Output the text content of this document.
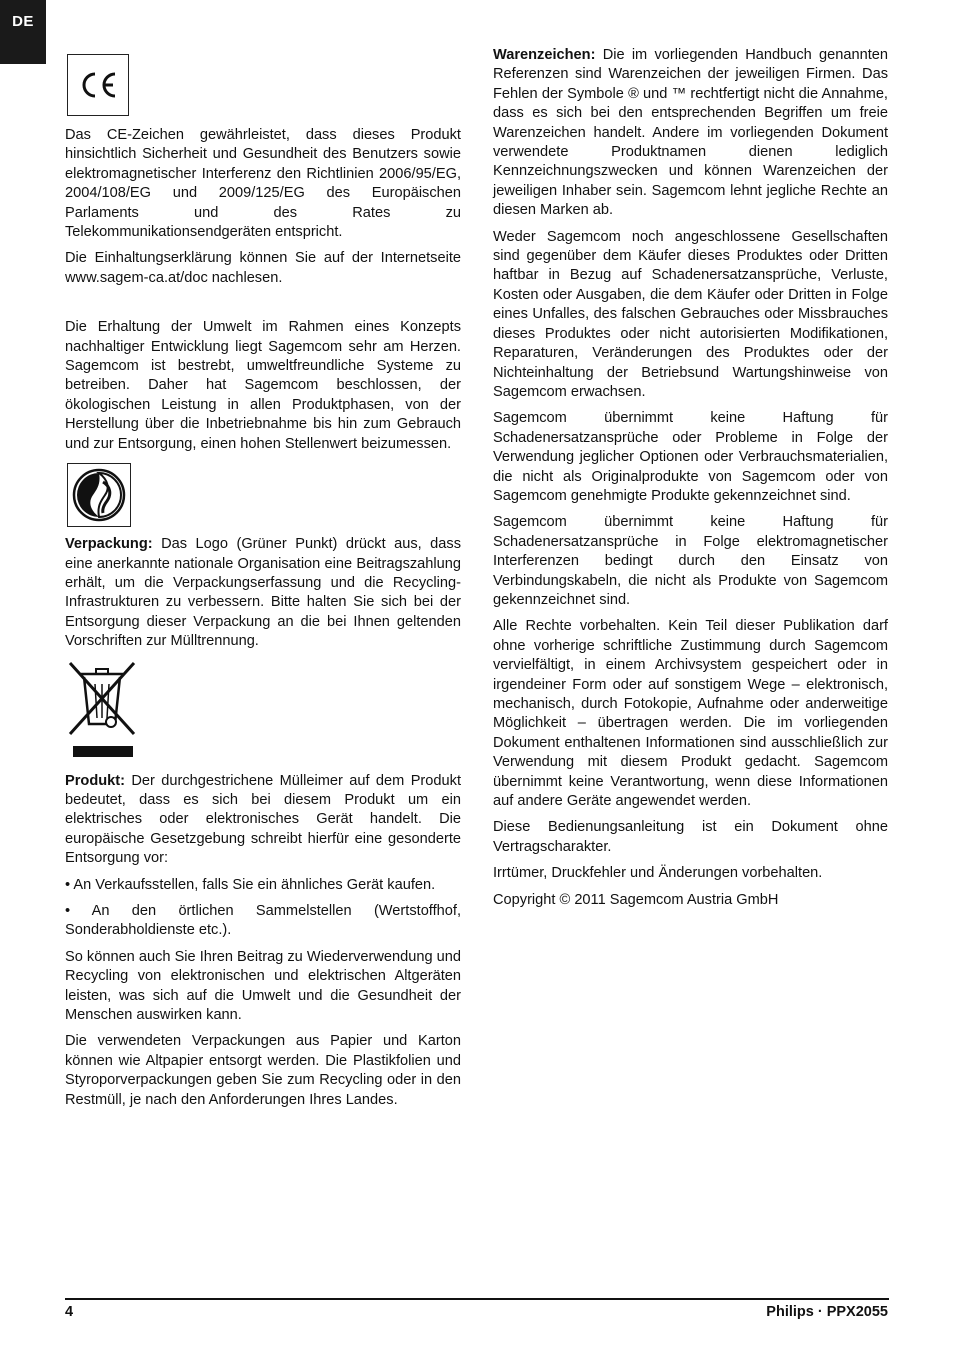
DE

Das CE-Zeichen gewährleistet, dass dieses Produkt hinsichtlich Sicherheit und Gesundheit des Benutzers sowie elektromagnetischer Interferenz den Richtlinien 2006/95/EG, 2004/108/EG und 2009/125/EG des Europäischen Parlaments und des Rates zu Telekommunikationsendgeräten entspricht.

Die Einhaltungserklärung können Sie auf der Internetseite www.sagem-ca.at/doc nachlesen.

Die Erhaltung der Umwelt im Rahmen eines Konzepts nachhaltiger Entwicklung liegt Sagemcom sehr am Herzen. Sagemcom ist bestrebt, umweltfreundliche Systeme zu betreiben. Daher hat Sagemcom beschlossen, der ökologischen Leistung in allen Produktphasen, von der Herstellung über die Inbetriebnahme bis hin zum Gebrauch und zur Entsorgung, einen hohen Stellenwert beizumessen.

Verpackung: Das Logo (Grüner Punkt) drückt aus, dass eine anerkannte nationale Organisation eine Beitragszahlung erhält, um die Verpackungserfassung und die Recycling-Infrastrukturen zu verbessern. Bitte halten Sie sich bei der Entsorgung dieser Verpackung an die bei Ihnen geltenden Vorschriften zur Mülltrennung.

Produkt: Der durchgestrichene Mülleimer auf dem Produkt bedeutet, dass es sich bei diesem Produkt um ein elektrisches oder elektronisches Gerät handelt. Die europäische Gesetzgebung schreibt hierfür eine gesonderte Entsorgung vor:

• An Verkaufsstellen, falls Sie ein ähnliches Gerät kaufen.

• An den örtlichen Sammelstellen (Wertstoffhof, Sonderabholdienste etc.).

So können auch Sie Ihren Beitrag zu Wiederverwendung und Recycling von elektronischen und elektrischen Altgeräten leisten, was sich auf die Umwelt und die Gesundheit der Menschen auswirken kann.

Die verwendeten Verpackungen aus Papier und Karton können wie Altpapier entsorgt werden. Die Plastikfolien und Styroporverpackungen geben Sie zum Recycling oder in den Restmüll, je nach den Anforderungen Ihres Landes.

Warenzeichen: Die im vorliegenden Handbuch genannten Referenzen sind Warenzeichen der jeweiligen Firmen. Das Fehlen der Symbole ® und ™ rechtfertigt nicht die Annahme, dass es sich bei den entsprechenden Begriffen um freie Warenzeichen handelt. Andere im vorliegenden Dokument verwendete Produktnamen dienen lediglich Kennzeichnungszwecken und können Warenzeichen der jeweiligen Inhaber sein. Sagemcom lehnt jegliche Rechte an diesen Marken ab.

Weder Sagemcom noch angeschlossene Gesellschaften sind gegenüber dem Käufer dieses Produktes oder Dritten haftbar in Bezug auf Schadenersatzansprüche, Verluste, Kosten oder Ausgaben, die dem Käufer oder Dritten in Folge eines Unfalles, des falschen Gebrauches oder Missbrauches dieses Produktes oder nicht autorisierten Modifikationen, Reparaturen, Veränderungen des Produktes oder der Nichteinhaltung der Betriebsund Wartungshinweise von Sagemcom erwachsen.

Sagemcom übernimmt keine Haftung für Schadenersatzansprüche oder Probleme in Folge der Verwendung jeglicher Optionen oder Verbrauchsmaterialien, die nicht als Originalprodukte von Sagemcom oder von Sagemcom genehmigte Produkte gekennzeichnet sind.

Sagemcom übernimmt keine Haftung für Schadenersatzansprüche in Folge elektromagnetischer Interferenzen bedingt durch den Einsatz von Verbindungskabeln, die nicht als Produkte von Sagemcom gekennzeichnet sind.

Alle Rechte vorbehalten. Kein Teil dieser Publikation darf ohne vorherige schriftliche Zustimmung durch Sagemcom vervielfältigt, in einem Archivsystem gespeichert oder in irgendeiner Form oder auf sonstigem Wege – elektronisch, mechanisch, durch Fotokopie, Aufnahme oder anderweitige Möglichkeit – übertragen werden. Die im vorliegenden Dokument enthaltenen Informationen sind ausschließlich zur Verwendung mit diesem Produkt gedacht. Sagemcom übernimmt keine Verantwortung, wenn diese Informationen auf andere Geräte angewendet werden.

Diese Bedienungsanleitung ist ein Dokument ohne Vertragscharakter.

Irrtümer, Druckfehler und Änderungen vorbehalten.

Copyright © 2011 Sagemcom Austria GmbH

4	Philips · PPX2055
